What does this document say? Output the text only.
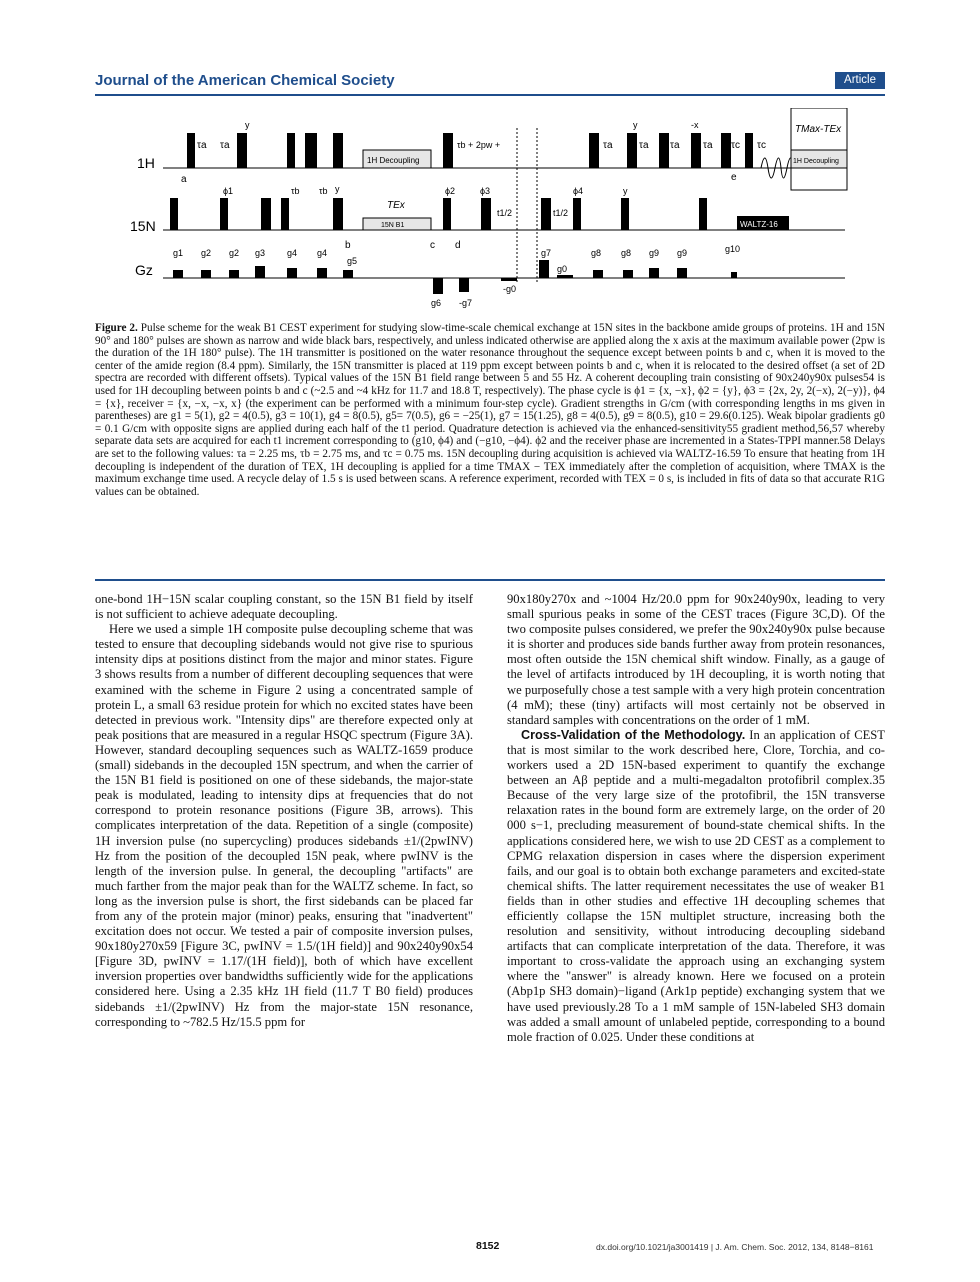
Journal of the American Chemical Society	Article
1H
15N
Gz
1H Decoupling	1H Decoupling
TMax-TEx
τa τa
y
a
τb + 2pw +	τa	τa τa τa τc τc
y	-x
e
15N B1
TEx
WALTZ-16
ϕ1	τb τb y	ϕ2	ϕ3	ϕ4	y
b	c d
t1/2	t1/2
g1 g2 g2 g3 g4 g4
g5
g6 -g7
g7
g0
-g0
g8 g8 g9 g9	g10
Figure 2. Pulse scheme for the weak B1 CEST experiment for studying slow-time-scale chemical exchange at 15N sites in the backbone amide groups of proteins. 1H and 15N 90° and 180° pulses are shown as narrow and wide black bars, respectively, and unless indicated otherwise are applied along the x axis at the maximum available power (2pw is the duration of the 1H 180° pulse). The 1H transmitter is positioned on the water resonance throughout the sequence except between points b and c, when it is moved to the center of the amide region (8.4 ppm). Similarly, the 15N transmitter is placed at 119 ppm except between points b and c, when it is relocated to the desired offset (a set of 2D spectra are recorded with different offsets). Typical values of the 15N B1 field range between 5 and 55 Hz. A coherent decoupling train consisting of 90x240y90x pulses54 is used for 1H decoupling between points b and c (~2.5 and ~4 kHz for 11.7 and 18.8 T, respectively). The phase cycle is ϕ1 = {x, −x}, ϕ2 = {y}, ϕ3 = {2x, 2y, 2(−x), 2(−y)}, ϕ4 = {x}, receiver = {x, −x, −x, x} (the experiment can be performed with a minimum four-step cycle). Gradient strengths in G/cm (with corresponding lengths in ms given in parentheses) are g1 = 5(1), g2 = 4(0.5), g3 = 10(1), g4 = 8(0.5), g5= 7(0.5), g6 = −25(1), g7 = 15(1.25), g8 = 4(0.5), g9 = 8(0.5), g10 = 29.6(0.125). Weak bipolar gradients g0 = 0.1 G/cm with opposite signs are applied during each half of the t1 period. Quadrature detection is achieved via the enhanced-sensitivity55 gradient method,56,57 whereby separate data sets are acquired for each t1 increment corresponding to (g10, ϕ4) and (−g10, −ϕ4). ϕ2 and the receiver phase are incremented in a States-TPPI manner.58 Delays are set to the following values: τa = 2.25 ms, τb = 2.75 ms, and τc = 0.75 ms. 15N decoupling during acquisition is achieved via WALTZ-16.59 To ensure that heating from 1H decoupling is independent of the duration of TEX, 1H decoupling is applied for a time TMAX − TEX immediately after the completion of acquisition, where TMAX is the maximum exchange time used. A recycle delay of 1.5 s is used between scans. A reference experiment, recorded with TEX = 0 s, is included in fits of data so that accurate R1G values can be obtained.

one-bond 1H−15N scalar coupling constant, so the 15N B1 field by itself is not sufficient to achieve adequate decoupling.

Here we used a simple 1H composite pulse decoupling scheme that was tested to ensure that decoupling sidebands would not give rise to spurious intensity dips at positions distinct from the major and minor states. Figure 3 shows results from a number of different decoupling sequences that were examined with the scheme in Figure 2 using a concentrated sample of protein L, a small 63 residue protein for which no excited states have been detected in previous work. "Intensity dips" are therefore expected only at peak positions that are measured in a regular HSQC spectrum (Figure 3A). However, standard decoupling sequences such as WALTZ-1659 produce (small) sidebands in the decoupled 15N spectrum, and when the carrier of the 15N B1 field is positioned on one of these sidebands, the major-state peak is modulated, leading to intensity dips at frequencies that do not correspond to protein resonance positions (Figure 3B, arrows). This complicates interpretation of the data. Repetition of a single (composite) 1H inversion pulse (no supercycling) produces sidebands ±1/(2pwINV) Hz from the position of the decoupled 15N peak, where pwINV is the length of the inversion pulse. In general, the decoupling "artifacts" are much farther from the major peak than for the WALTZ scheme. In fact, so long as the inversion pulse is short, the first sidebands can be placed far from any of the protein major (minor) peaks, ensuring that "inadvertent" excitation does not occur. We tested a pair of composite inversion pulses, 90x180y270x59 [Figure 3C, pwINV = 1.5/(1H field)] and 90x240y90x54 [Figure 3D, pwINV = 1.17/(1H field)], both of which have excellent inversion properties over bandwidths sufficiently wide for the applications considered here. Using a 2.35 kHz 1H field (11.7 T B0 field) produces sidebands ±1/(2pwINV) Hz from the major-state 15N resonance, corresponding to ~782.5 Hz/15.5 ppm for

90x180y270x and ~1004 Hz/20.0 ppm for 90x240y90x, leading to very small spurious peaks in some of the CEST traces (Figure 3C,D). Of the two composite pulses considered, we prefer the 90x240y90x pulse because it is shorter and produces side bands further away from protein resonances, most often outside the 15N chemical shift window. Finally, as a gauge of the level of artifacts introduced by 1H decoupling, it is worth noting that we purposefully chose a test sample with a very high protein concentration (4 mM); these (tiny) artifacts will most certainly not be observed in standard samples with concentrations on the order of 1 mM.

Cross-Validation of the Methodology. In an application of CEST that is most similar to the work described here, Clore, Torchia, and co-workers used a 2D 15N-based experiment to quantify the exchange between an Aβ peptide and a multi-megadalton protofibril complex.35 Because of the very large size of the protofibril, the 15N transverse relaxation rates in the bound form are extremely large, on the order of 20 000 s−1, precluding measurement of bound-state chemical shifts. In the applications considered here, we wish to use 2D CEST as a complement to CPMG relaxation dispersion in cases where the dispersion experiment fails, and our goal is to obtain both exchange parameters and excited-state chemical shifts. The latter requirement necessitates the use of weaker B1 fields than in other studies and effective 1H decoupling schemes that efficiently collapse the 15N multiplet structure, increasing both the resolution and sensitivity, without introducing decoupling sideband artifacts that can complicate interpretation of the data. Therefore, it was important to cross-validate the approach using an exchanging system where the "answer" is already known. Here we focused on a protein (Abp1p SH3 domain)−ligand (Ark1p peptide) exchanging system that we have used previously.28 To a 1 mM sample of 15N-labeled SH3 domain was added a small amount of unlabeled peptide, corresponding to a bound mole fraction of 0.025. Under these conditions at

8152	dx.doi.org/10.1021/ja3001419 | J. Am. Chem. Soc. 2012, 134, 8148−8161
